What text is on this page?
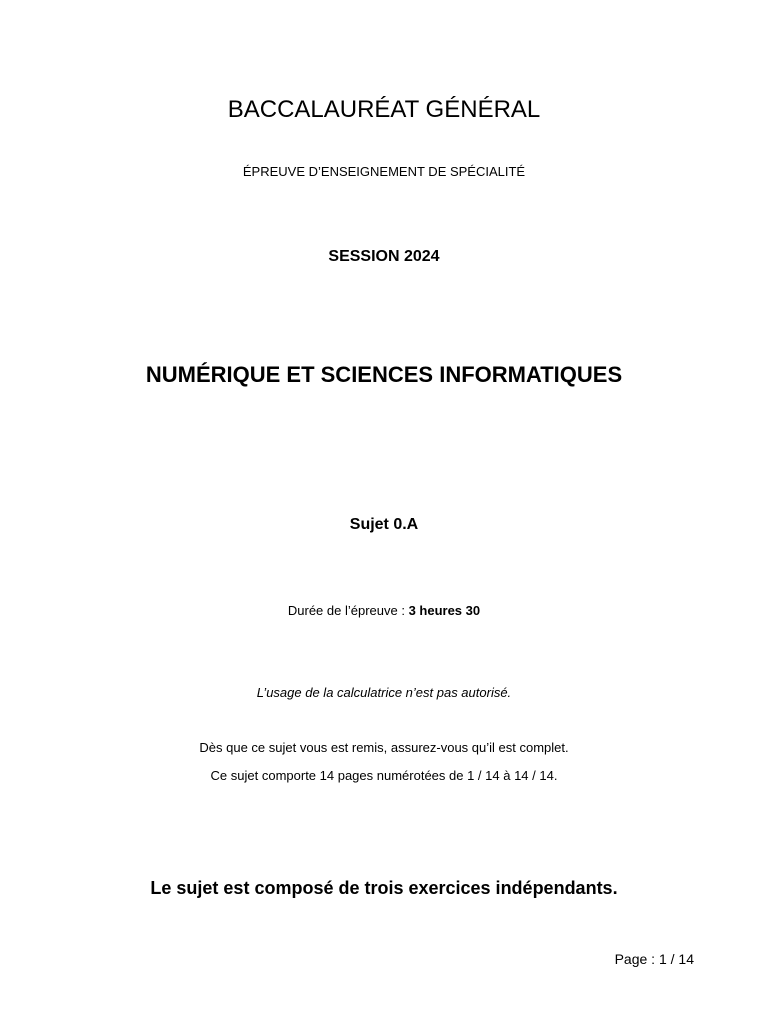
BACCALAURÉAT GÉNÉRAL
ÉPREUVE D’ENSEIGNEMENT DE SPÉCIALITÉ
SESSION 2024
NUMÉRIQUE ET SCIENCES INFORMATIQUES
Sujet 0.A
Durée de l’épreuve : 3 heures 30
L’usage de la calculatrice n’est pas autorisé.
Dès que ce sujet vous est remis, assurez-vous qu’il est complet.
Ce sujet comporte 14 pages numérotées de 1 / 14 à 14 / 14.
Le sujet est composé de trois exercices indépendants.
Page : 1 / 14
